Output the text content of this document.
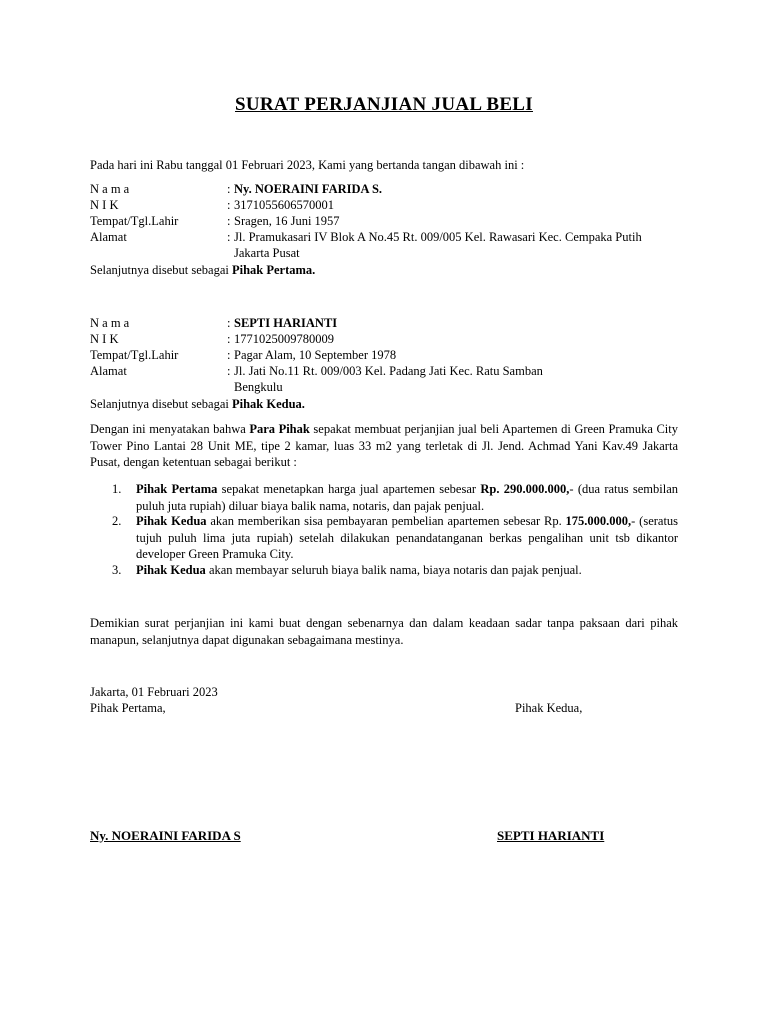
SURAT PERJANJIAN JUAL BELI
Pada hari ini Rabu tanggal 01 Februari 2023, Kami yang bertanda tangan dibawah ini :
N a m a	: Ny. NOERAINI FARIDA S.
N I K	: 3171055606570001
Tempat/Tgl.Lahir	: Sragen, 16 Juni 1957
Alamat	: Jl. Pramukasari IV Blok A No.45 Rt. 009/005 Kel. Rawasari Kec. Cempaka Putih Jakarta Pusat
Selanjutnya disebut sebagai Pihak Pertama.
N a m a	: SEPTI HARIANTI
N I K	: 1771025009780009
Tempat/Tgl.Lahir	: Pagar Alam, 10 September 1978
Alamat	: Jl. Jati No.11 Rt. 009/003 Kel. Padang Jati Kec. Ratu Samban Bengkulu
Selanjutnya disebut sebagai Pihak Kedua.
Dengan ini menyatakan bahwa Para Pihak sepakat membuat perjanjian jual beli Apartemen di Green Pramuka City Tower Pino Lantai 28 Unit ME, tipe 2 kamar, luas 33 m2 yang terletak di Jl. Jend. Achmad Yani Kav.49 Jakarta Pusat, dengan ketentuan sebagai berikut :
1. Pihak Pertama sepakat menetapkan harga jual apartemen sebesar Rp. 290.000.000,- (dua ratus sembilan puluh juta rupiah) diluar biaya balik nama, notaris, dan pajak penjual.
2. Pihak Kedua akan memberikan sisa pembayaran pembelian apartemen sebesar Rp. 175.000.000,- (seratus tujuh puluh lima juta rupiah) setelah dilakukan penandatanganan berkas pengalihan unit tsb dikantor developer Green Pramuka City.
3. Pihak Kedua akan membayar seluruh biaya balik nama, biaya notaris dan pajak penjual.
Demikian surat perjanjian ini kami buat dengan sebenarnya dan dalam keadaan sadar tanpa paksaan dari pihak manapun, selanjutnya dapat digunakan sebagaimana mestinya.
Jakarta, 01 Februari 2023
Pihak Pertama,	Pihak Kedua,
Ny. NOERAINI FARIDA S	SEPTI HARIANTI
